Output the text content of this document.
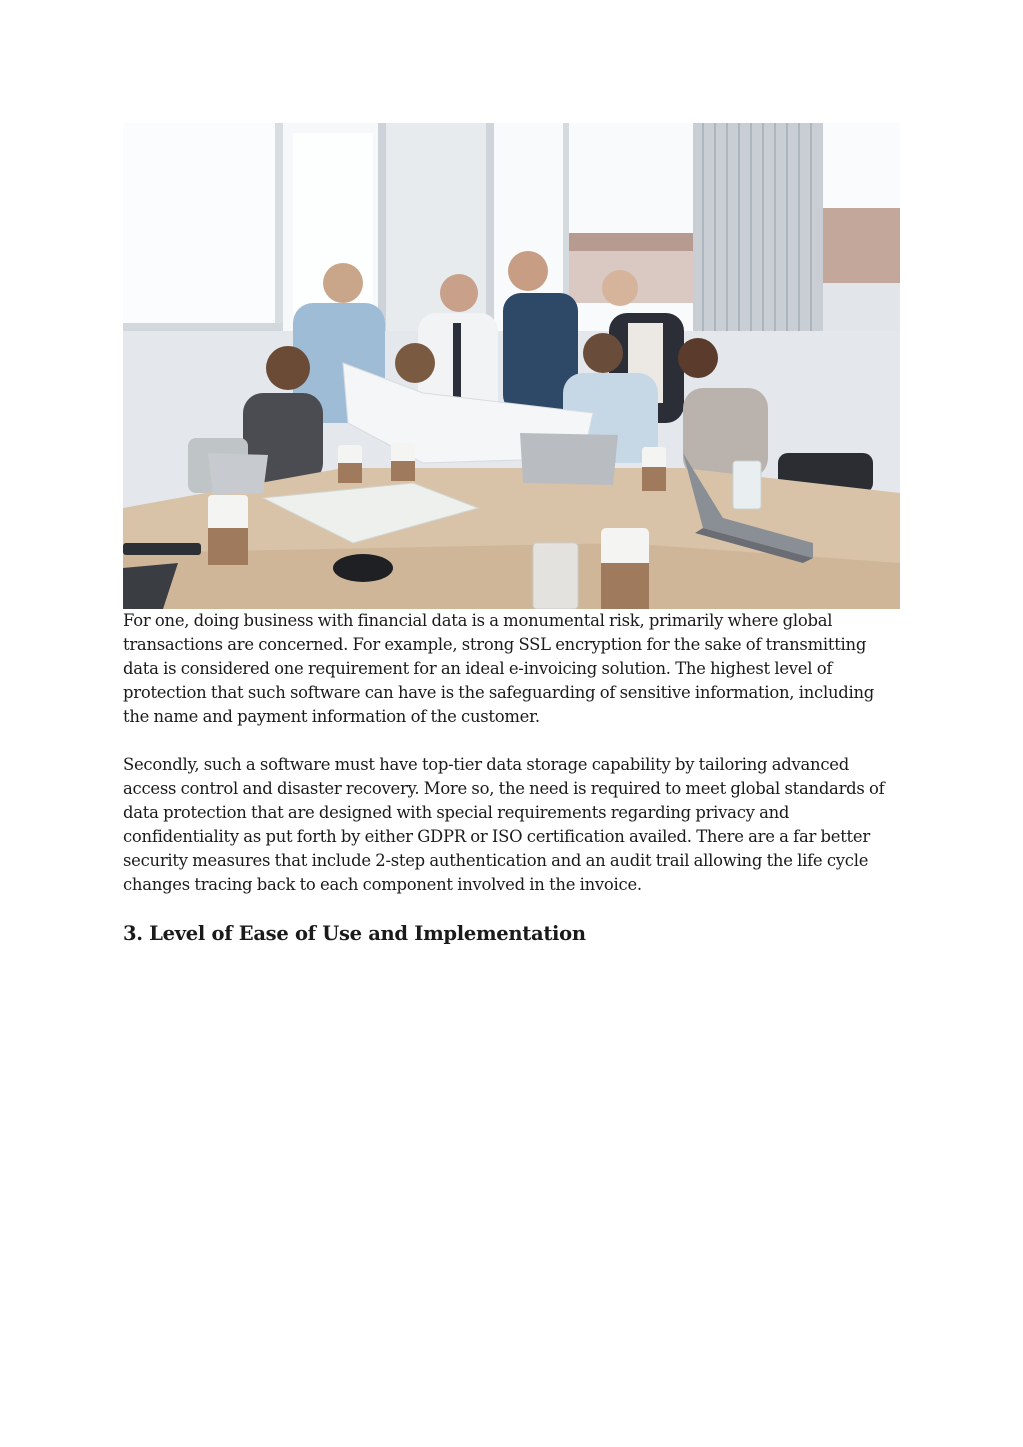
For one, doing business with financial data is a monumental risk, primarily where global transactions are concerned. For example, strong SSL encryption for the sake of transmitting data is considered one requirement for an ideal e-invoicing solution. The highest level of protection that such software can have is the safeguarding of sensitive information, including the name and payment information of the customer.

Secondly, such a software must have top-tier data storage capability by tailoring advanced access control and disaster recovery. More so, the need is required to meet global standards of data protection that are designed with special requirements regarding privacy and confidentiality as put forth by either GDPR or ISO certification availed. There are a far better security measures that include 2-step authentication and an audit trail allowing the life cycle changes tracing back to each component involved in the invoice.

3. Level of Ease of Use and Implementation
